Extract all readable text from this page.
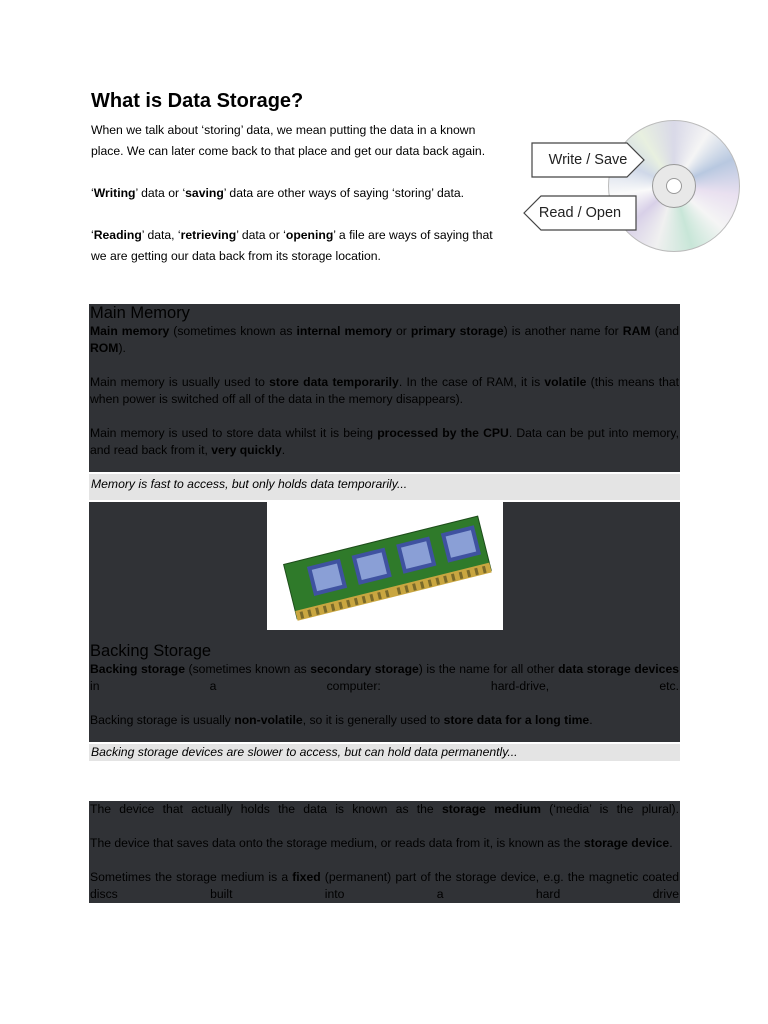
What is Data Storage?

When we talk about ‘storing’ data, we mean putting the data in a known place. We can later come back to that place and get our data back again.

‘Writing’ data or ‘saving’ data are other ways of saying ‘storing’ data.

‘Reading’ data, ‘retrieving’ data or ‘opening’ a file are ways of saying that we are getting our data back from its storage location.

Write / Save
Read / Open
Main Memory

Main memory (sometimes known as internal memory or primary storage) is another name for RAM (and ROM).

Main memory is usually used to store data temporarily. In the case of RAM, it is volatile (this means that when power is switched off all of the data in the memory disappears).

Main memory is used to store data whilst it is being processed by the CPU. Data can be put into memory, and read back from it, very quickly.

Memory is fast to access, but only holds data temporarily...
Backing Storage

Backing storage (sometimes known as secondary storage) is the name for all other data storage devices in a computer: hard-drive, etc.

Backing storage is usually non-volatile, so it is generally used to store data for a long time.

Backing storage devices are slower to access, but can hold data permanently...

The device that actually holds the data is known as the storage medium (‘media’ is the plural).

The device that saves data onto the storage medium, or reads data from it, is known as the storage device.

Sometimes the storage medium is a fixed (permanent) part of the storage device, e.g. the magnetic coated discs built into a hard drive
